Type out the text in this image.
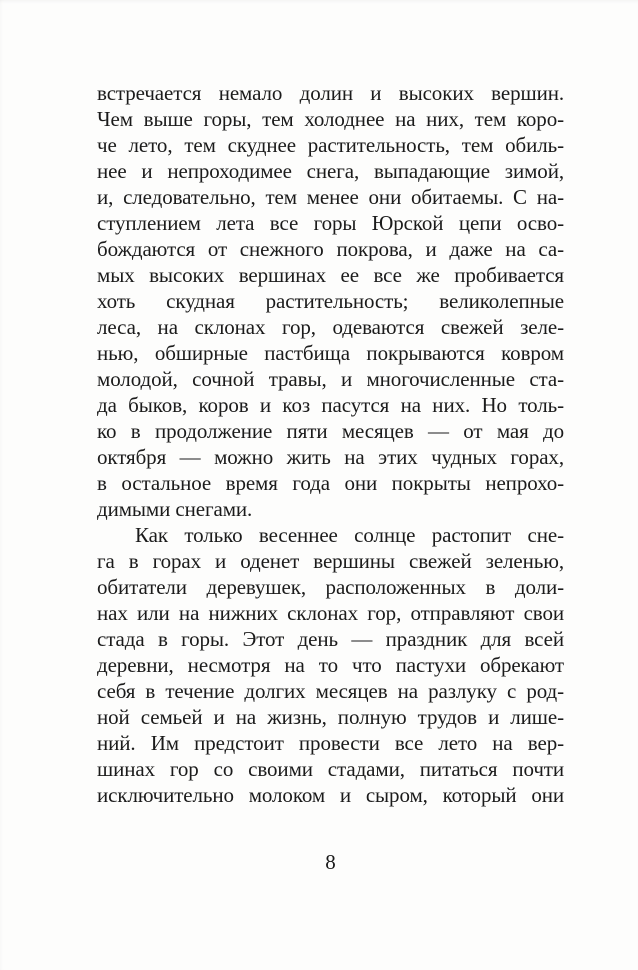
встречается немало долин и высоких вершин.
Чем выше горы, тем холоднее на них, тем коро-
че лето, тем скуднее растительность, тем обиль-
нее и непроходимее снега, выпадающие зимой,
и, следовательно, тем менее они обитаемы. С на-
ступлением лета все горы Юрской цепи осво-
бождаются от снежного покрова, и даже на са-
мых высоких вершинах ее все же пробивается
хоть скудная растительность; великолепные
леса, на склонах гор, одеваются свежей зеле-
нью, обширные пастбища покрываются ковром
молодой, сочной травы, и многочисленные ста-
да быков, коров и коз пасутся на них. Но толь-
ко в продолжение пяти месяцев — от мая до
октября — можно жить на этих чудных горах,
в остальное время года они покрыты непрохо-
димыми снегами.
Как только весеннее солнце растопит сне-
га в горах и оденет вершины свежей зеленью,
обитатели деревушек, расположенных в доли-
нах или на нижних склонах гор, отправляют свои
стада в горы. Этот день — праздник для всей
деревни, несмотря на то что пастухи обрекают
себя в течение долгих месяцев на разлуку с род-
ной семьей и на жизнь, полную трудов и лише-
ний. Им предстоит провести все лето на вер-
шинах гор со своими стадами, питаться почти
исключительно молоком и сыром, который они
8
